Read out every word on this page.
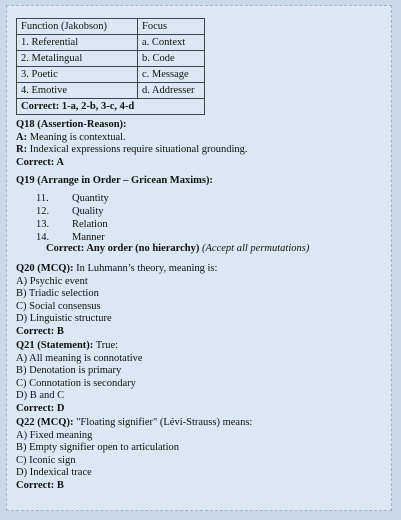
Function (Jakobson)	Focus
1. Referential	a. Context
2. Metalingual	b. Code
3. Poetic	c. Message
4. Emotive	d. Addresser
Correct: 1-a, 2-b, 3-c, 4-d	
Q18 (Assertion-Reason):
A: Meaning is contextual.
R: Indexical expressions require situational grounding.
Correct: A
Q19 (Arrange in Order – Gricean Maxims):
11. Quantity
12. Quality
13. Relation
14. Manner
Correct: Any order (no hierarchy) (Accept all permutations)
Q20 (MCQ): In Luhmann’s theory, meaning is:
A) Psychic event
B) Triadic selection
C) Social consensus
D) Linguistic structure
Correct: B
Q21 (Statement): True:
A) All meaning is connotative
B) Denotation is primary
C) Connotation is secondary
D) B and C
Correct: D
Q22 (MCQ): "Floating signifier" (Lévi-Strauss) means:
A) Fixed meaning
B) Empty signifier open to articulation
C) Iconic sign
D) Indexical trace
Correct: B
